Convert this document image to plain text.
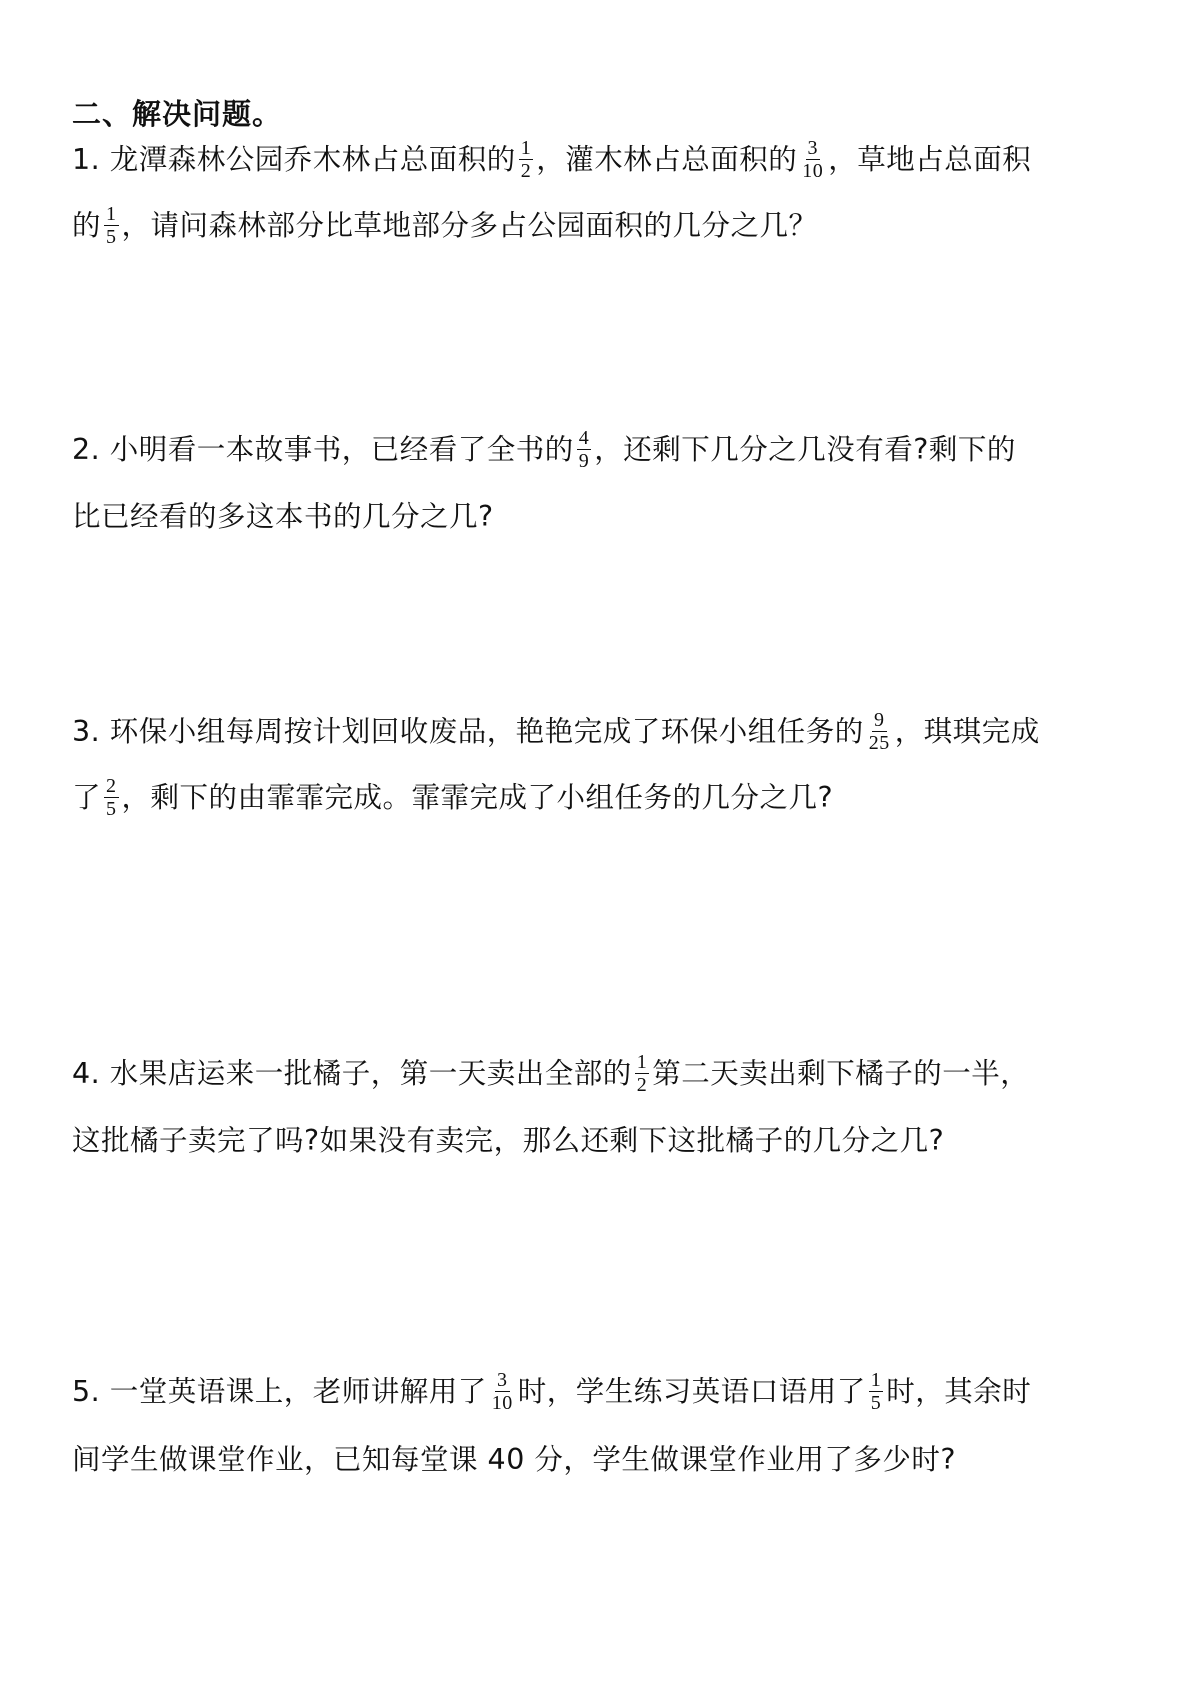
二、解决问题。
1. 龙潭森林公园乔木林占总面积的 $\frac{1}{2}$ ，灌木林占总面积的 $\frac{3}{10}$ ，草地占总面积
的 $\frac{1}{5}$ ，请问森林部分比草地部分多占公园面积的几分之几？
2. 小明看一本故事书，已经看了全书的 $\frac{4}{9}$ ，还剩下几分之几没有看?剩下的
比已经看的多这本书的几分之几?
3. 环保小组每周按计划回收废品，艳艳完成了环保小组任务的 $\frac{9}{25}$ ，琪琪完成
了 $\frac{2}{5}$ ，剩下的由霏霏完成。霏霏完成了小组任务的几分之几?
4. 水果店运来一批橘子，第一天卖出全部的 $\frac{1}{2}$ 第二天卖出剩下橘子的一半，
这批橘子卖完了吗?如果没有卖完，那么还剩下这批橘子的几分之几?
5. 一堂英语课上，老师讲解用了 $\frac{3}{10}$ 时，学生练习英语口语用了 $\frac{1}{5}$ 时，其余时
间学生做课堂作业，已知每堂课 40 分，学生做课堂作业用了多少时?
